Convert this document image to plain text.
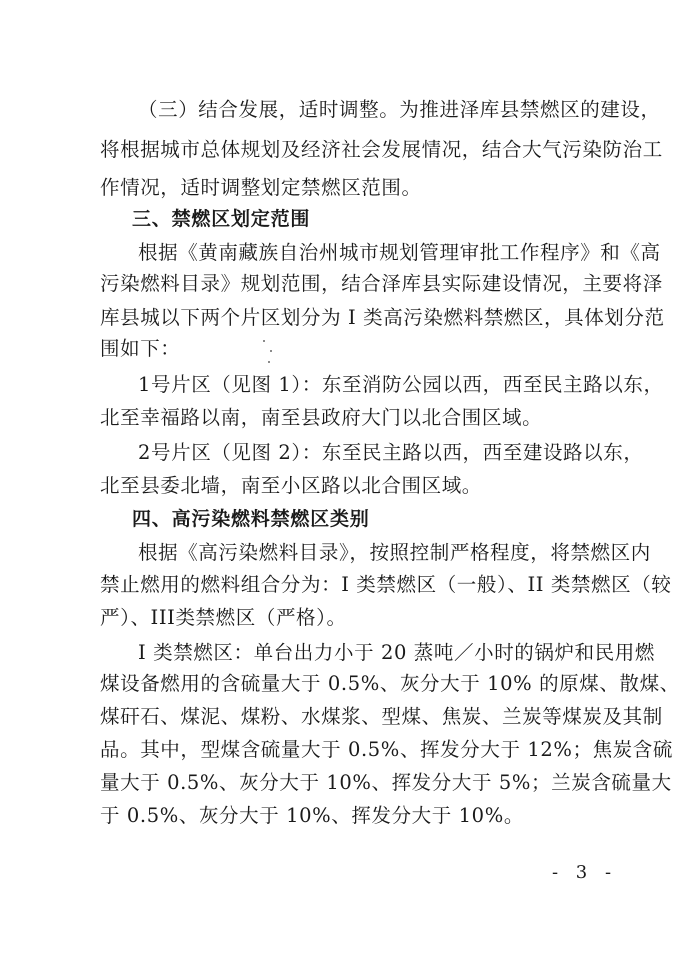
（三）结合发展，适时调整。为推进泽库县禁燃区的建设，
将根据城市总体规划及经济社会发展情况，结合大气污染防治工
作情况，适时调整划定禁燃区范围。
三、禁燃区划定范围
根据《黄南藏族自治州城市规划管理审批工作程序》和《高
污染燃料目录》规划范围，结合泽库县实际建设情况，主要将泽
库县城以下两个片区划分为 I 类高污染燃料禁燃区，具体划分范
围如下：
1号片区（见图 1）：东至消防公园以西，西至民主路以东，
北至幸福路以南，南至县政府大门以北合围区域。
2号片区（见图 2）：东至民主路以西，西至建设路以东，
北至县委北墙，南至小区路以北合围区域。
四、高污染燃料禁燃区类别
根据《高污染燃料目录》，按照控制严格程度，将禁燃区内
禁止燃用的燃料组合分为：I 类禁燃区（一般）、II 类禁燃区（较
严）、III类禁燃区（严格）。
I 类禁燃区：单台出力小于 20 蒸吨／小时的锅炉和民用燃
煤设备燃用的含硫量大于 0.5%、灰分大于 10% 的原煤、散煤、
煤矸石、煤泥、煤粉、水煤浆、型煤、焦炭、兰炭等煤炭及其制
品。其中，型煤含硫量大于 0.5%、挥发分大于 12%；焦炭含硫
量大于 0.5%、灰分大于 10%、挥发分大于 5%；兰炭含硫量大
于 0.5%、灰分大于 10%、挥发分大于 10%。
- 3 -
